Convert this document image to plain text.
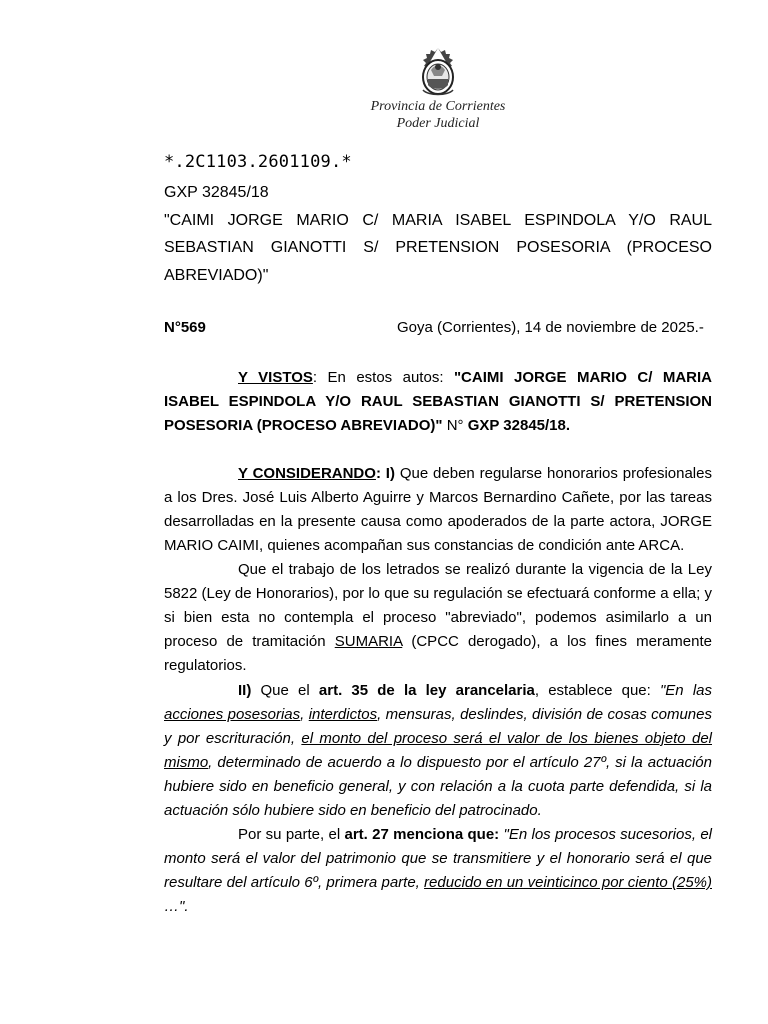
Provincia de Corrientes
Poder Judicial
*.2C1103.2601109.*
GXP 32845/18
"CAIMI JORGE MARIO C/ MARIA ISABEL ESPINDOLA Y/O RAUL SEBASTIAN GIANOTTI S/ PRETENSION POSESORIA (PROCESO ABREVIADO)"
N°569	Goya (Corrientes), 14 de noviembre de 2025.-
Y VISTOS: En estos autos: "CAIMI JORGE MARIO C/ MARIA ISABEL ESPINDOLA Y/O RAUL SEBASTIAN GIANOTTI S/ PRETENSION POSESORIA (PROCESO ABREVIADO)" N° GXP 32845/18.
Y CONSIDERANDO: I) Que deben regularse honorarios profesionales a los Dres. José Luis Alberto Aguirre y Marcos Bernardino Cañete, por las tareas desarrolladas en la presente causa como apoderados de la parte actora, JORGE MARIO CAIMI, quienes acompañan sus constancias de condición ante ARCA.
Que el trabajo de los letrados se realizó durante la vigencia de la Ley 5822 (Ley de Honorarios), por lo que su regulación se efectuará conforme a ella; y si bien esta no contempla el proceso "abreviado", podemos asimilarlo a un proceso de tramitación SUMARIA (CPCC derogado), a los fines meramente regulatorios.
II) Que el art. 35 de la ley arancelaria, establece que: "En las acciones posesorias, interdictos, mensuras, deslindes, división de cosas comunes y por escrituración, el monto del proceso será el valor de los bienes objeto del mismo, determinado de acuerdo a lo dispuesto por el artículo 27º, si la actuación hubiere sido en beneficio general, y con relación a la cuota parte defendida, si la actuación sólo hubiere sido en beneficio del patrocinado.
Por su parte, el art. 27 menciona que: "En los procesos sucesorios, el monto será el valor del patrimonio que se transmitiere y el honorario será el que resultare del artículo 6º, primera parte, reducido en un veinticinco por ciento (25%) …".
